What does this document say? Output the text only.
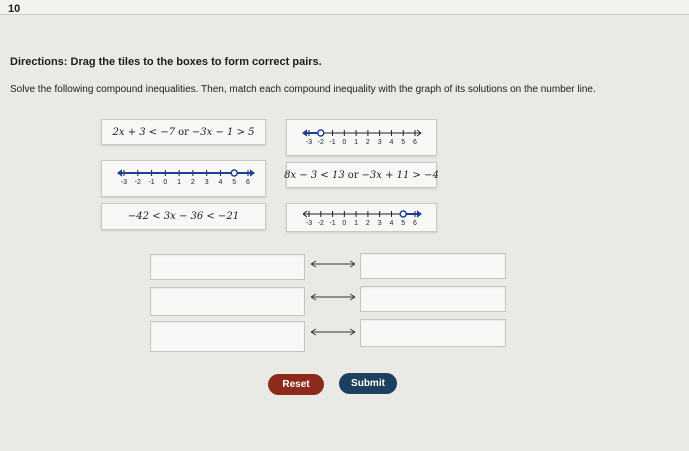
10
Directions: Drag the tiles to the boxes to form correct pairs.
Solve the following compound inequalities. Then, match each compound inequality with the graph of its solutions on the number line.
2x + 3 < −7 or −3x − 1 > 5
-3 -2 -1 0 1 2 3 4 5 6
-3 -2 -1 0 1 2 3 4 5 6
8x − 3 < 13 or −3x + 11 > −4
−42 < 3x − 36 < −21
-3 -2 -1 0 1 2 3 4 5 6
Reset	Submit
